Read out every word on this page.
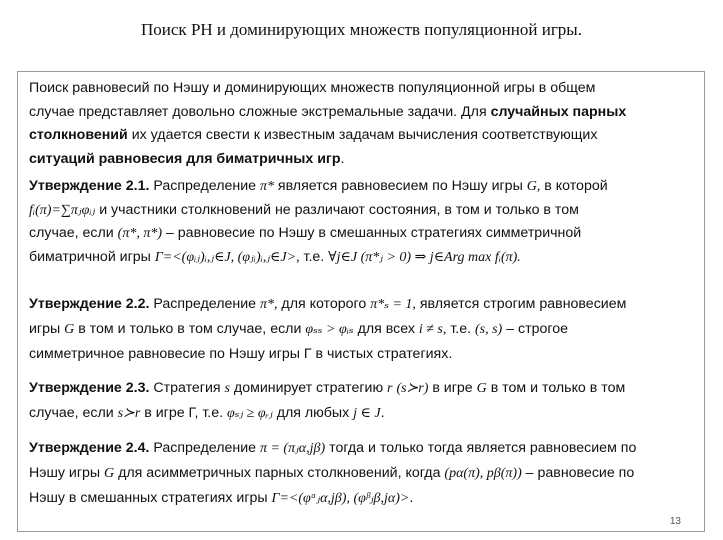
Поиск РН и доминирующих множеств популяционной игры.
Поиск равновесий по Нэшу и доминирующих множеств популяционной игры в общем
случае представляет довольно сложные экстремальные задачи. Для случайных парных
столкновений их удается свести к известным задачам вычисления соответствующих
ситуаций равновесия для биматричных игр.
Утверждение 2.1. Распределение π* является равновесием по Нэшу игры G, в которой
fᵢ(π)=∑πⱼφᵢⱼ и участники столкновений не различают состояния, в том и только в том
случае, если (π*, π*) – равновесие по Нэшу в смешанных стратегиях симметричной
биматричной игры Г=<(φᵢⱼ)ᵢ,ⱼ∈J, (φⱼᵢ)ᵢ,ⱼ∈J>, т.е. ∀j∈J (π*ⱼ > 0) ⇒ j∈Arg max fᵢ(π).
Утверждение 2.2. Распределение π*, для которого π*ₛ = 1, является строгим равновесием
игры G в том и только в том случае, если φₛₛ > φᵢₛ для всех i ≠ s, т.е. (s, s) – строгое
симметричное равновесие по Нэшу игры Г в чистых стратегиях.
Утверждение 2.3. Стратегия s доминирует стратегию r (s≻r) в игре G в том и только в том
случае, если s≻r в игре Г, т.е. φₛⱼ ≥ φᵣⱼ для любых j ∈ J.
Утверждение 2.4. Распределение π = (πⱼα,jβ) тогда и только тогда является равновесием по
Нэшу игры G для асимметричных парных столкновений, когда (pα(π), pβ(π)) – равновесие по
Нэшу в смешанных стратегиях игры Г=<(φᵅⱼα,jβ), (φᵝⱼβ,jα)>.
13
